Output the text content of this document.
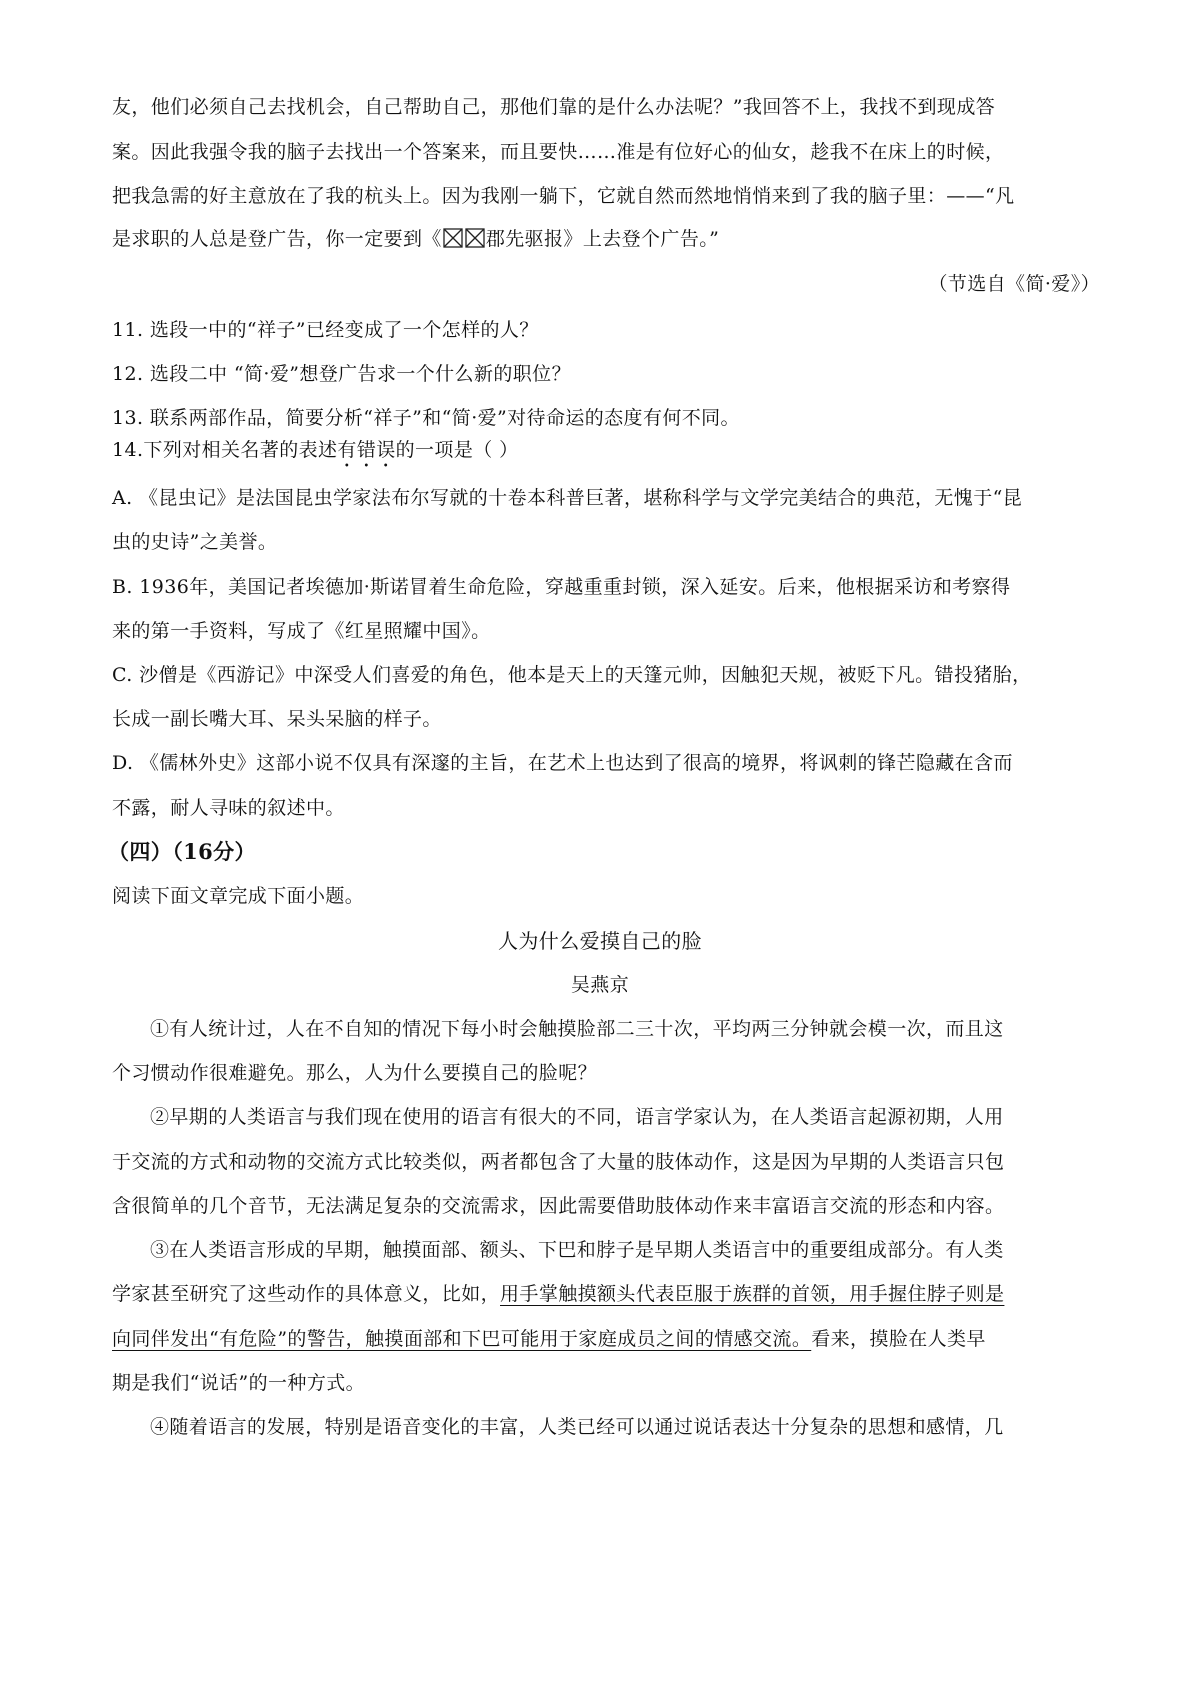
友，他们必须自己去找机会，自己帮助自己，那他们靠的是什么办法呢？”我回答不上，我找不到现成答
案。因此我强令我的脑子去找出一个答案来，而且要快……准是有位好心的仙女，趁我不在床上的时候，
把我急需的好主意放在了我的杭头上。因为我刚一躺下，它就自然而然地悄悄来到了我的脑子里：——“凡
是求职的人总是登广告，你一定要到《 郡先驱报》上去登个广告。”
（节选自《简·爱》）
11. 选段一中的“祥子”已经变成了一个怎样的人？
12. 选段二中 “简·爱”想登广告求一个什么新的职位？
13. 联系两部作品，简要分析“祥子”和“简·爱”对待命运的态度有何不同。
14.下列对相关名著的表述有错误的一项是（ ）
A. 《昆虫记》是法国昆虫学家法布尔写就的十卷本科普巨著，堪称科学与文学完美结合的典范，无愧于“昆
虫的史诗”之美誉。
B. 1936年，美国记者埃德加·斯诺冒着生命危险，穿越重重封锁，深入延安。后来，他根据采访和考察得
来的第一手资料，写成了《红星照耀中国》。
C. 沙僧是《西游记》中深受人们喜爱的角色，他本是天上的天篷元帅，因触犯天规，被贬下凡。错投猪胎，
长成一副长嘴大耳、呆头呆脑的样子。
D. 《儒林外史》这部小说不仅具有深邃的主旨，在艺术上也达到了很高的境界，将讽刺的锋芒隐藏在含而
不露，耐人寻味的叙述中。
（四）（16分）
阅读下面文章完成下面小题。
人为什么爱摸自己的脸
吴燕京
①有人统计过，人在不自知的情况下每小时会触摸脸部二三十次，平均两三分钟就会模一次，而且这
个习惯动作很难避免。那么，人为什么要摸自己的脸呢？
②早期的人类语言与我们现在使用的语言有很大的不同，语言学家认为，在人类语言起源初期，人用
于交流的方式和动物的交流方式比较类似，两者都包含了大量的肢体动作，这是因为早期的人类语言只包
含很简单的几个音节，无法满足复杂的交流需求，因此需要借助肢体动作来丰富语言交流的形态和内容。
③在人类语言形成的早期，触摸面部、额头、下巴和脖子是早期人类语言中的重要组成部分。有人类
学家甚至研究了这些动作的具体意义，比如，用手掌触摸额头代表臣服于族群的首领，用手握住脖子则是
向同伴发出“有危险”的警告，触摸面部和下巴可能用于家庭成员之间的情感交流。看来，摸脸在人类早
期是我们“说话”的一种方式。
④随着语言的发展，特别是语音变化的丰富，人类已经可以通过说话表达十分复杂的思想和感情，几
